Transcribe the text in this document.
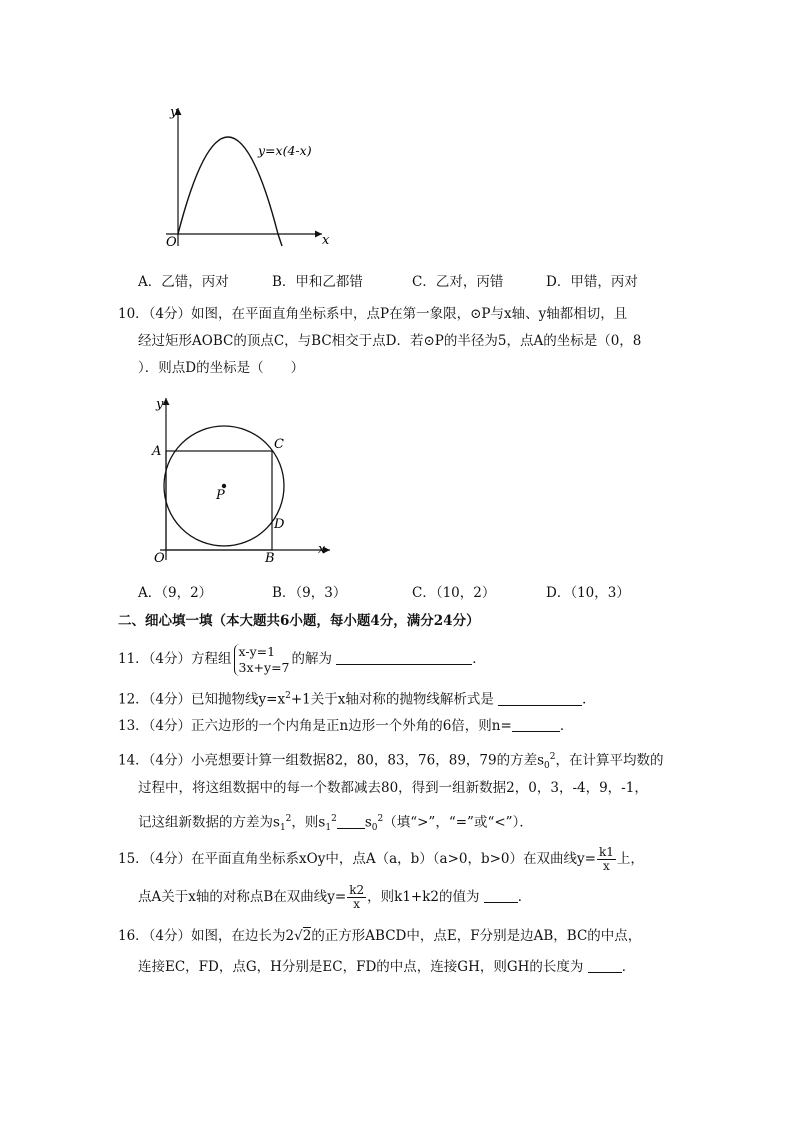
y
x
O
y=x(4-x)
A．乙错，丙对	B．甲和乙都错	C．乙对，丙错	D．甲错，丙对
10．（4分）如图，在平面直角坐标系中，点P在第一象限，⊙P与x轴、y轴都相切，且
经过矩形AOBC的顶点C，与BC相交于点D．若⊙P的半径为5，点A的坐标是（0，8
）．则点D的坐标是（　　）
y
x
O
A
B
C
D
P
A．（9，2）	B．（9，3）	C．（10，2）	D．（10，3）
二、细心填一填（本大题共6小题，每小题4分，满分24分）
11．（4分）方程组 x-y=1
3x+y=7 的解为	．
12．（4分）已知抛物线$y=x^2+1$关于x轴对称的抛物线解析式是	．
13．（4分）正六边形的一个内角是正n边形一个外角的6倍，则n=	．
14．（4分）小亮想要计算一组数据82，80，83，76，89，79的方差$s_0^2$，在计算平均数的
过程中，将这组数据中的每一个数都减去80，得到一组新数据2，0，3，-4，9，-1，
记这组新数据的方差为$s_1^2$，则$s_1^2$ $s_0^2$（填“>”，“=”或“<”）．
15．（4分）在平面直角坐标系xOy中，点A（a，b）（a>0，b>0）在双曲线$y= \frac{k1}{x}$ 上，
点A关于x轴的对称点B在双曲线$y= \frac{k2}{x}$ ，则k1+k2的值为	．
16．（4分）如图，在边长为2√2的正方形ABCD中，点E，F分别是边AB，BC的中点，
连接EC，FD，点G，H分别是EC，FD的中点，连接GH，则GH的长度为	．
